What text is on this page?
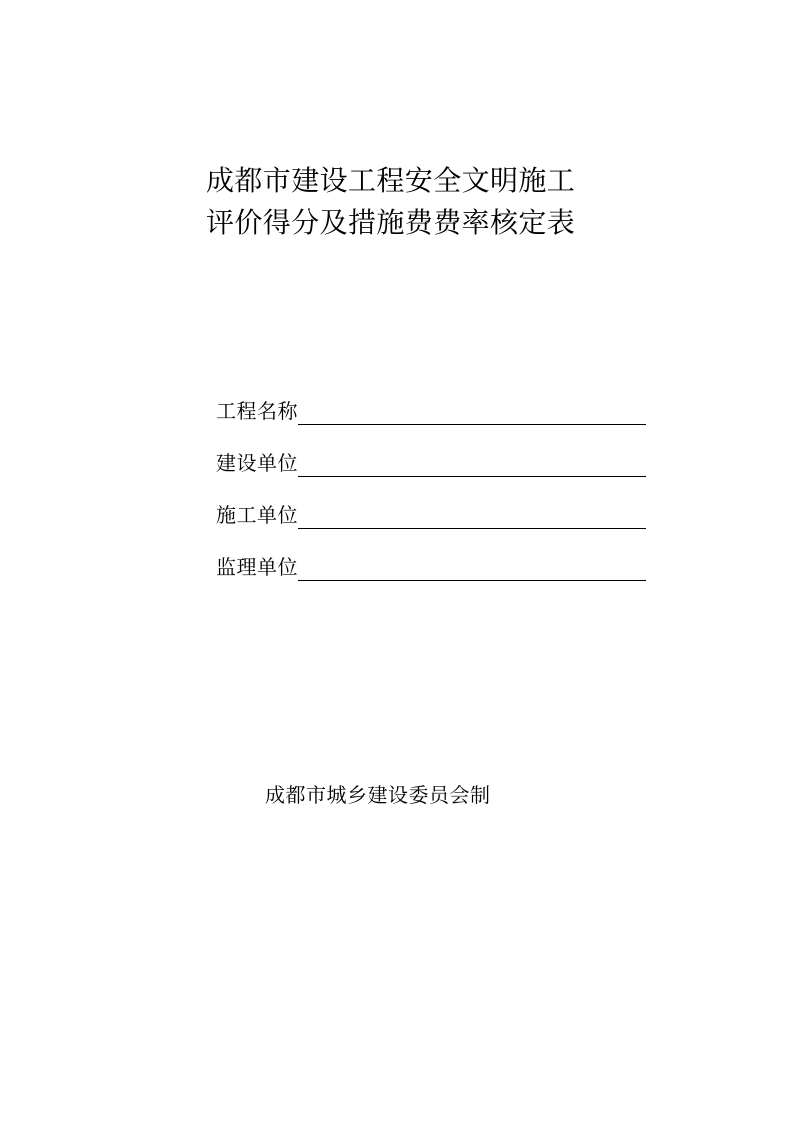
成都市建设工程安全文明施工
评价得分及措施费费率核定表
工程名称
建设单位
施工单位
监理单位
成都市城乡建设委员会制
